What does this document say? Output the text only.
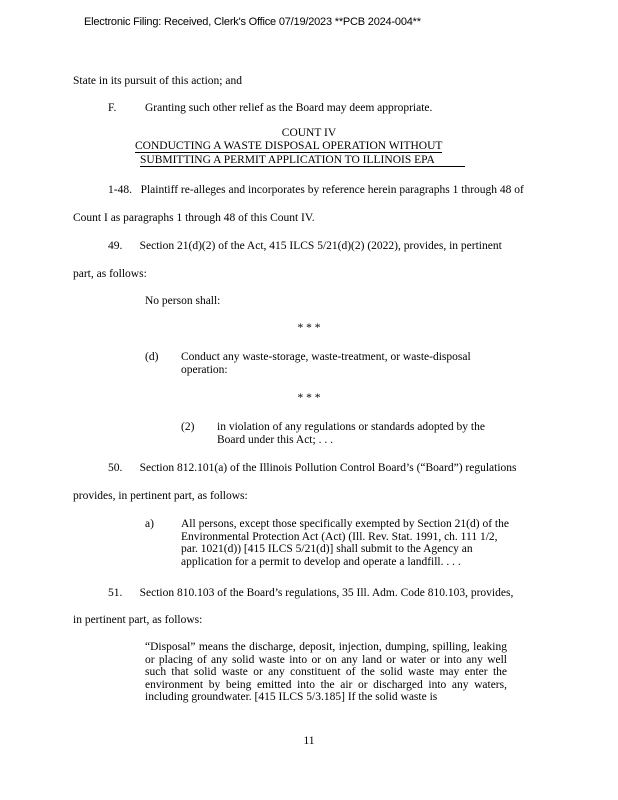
Electronic Filing: Received, Clerk's Office 07/19/2023 **PCB 2024-004**
State in its pursuit of this action; and
F. Granting such other relief as the Board may deem appropriate.
COUNT IV
CONDUCTING A WASTE DISPOSAL OPERATION WITHOUT
SUBMITTING A PERMIT APPLICATION TO ILLINOIS EPA
1-48.   Plaintiff re-alleges and incorporates by reference herein paragraphs 1 through 48 of
Count I as paragraphs 1 through 48 of this Count IV.
49.      Section 21(d)(2) of the Act, 415 ILCS 5/21(d)(2) (2022), provides, in pertinent
part, as follows:
No person shall:
* * *
(d) Conduct any waste-storage, waste-treatment, or waste-disposal operation:
* * *
(2) in violation of any regulations or standards adopted by the Board under this Act; . . .
50.      Section 812.101(a) of the Illinois Pollution Control Board’s (“Board”) regulations
provides, in pertinent part, as follows:
a) All persons, except those specifically exempted by Section 21(d) of the Environmental Protection Act (Act) (Ill. Rev. Stat. 1991, ch. 111 1/2, par. 1021(d)) [415 ILCS 5/21(d)] shall submit to the Agency an application for a permit to develop and operate a landfill. . . .
51.      Section 810.103 of the Board’s regulations, 35 Ill. Adm. Code 810.103, provides,
in pertinent part, as follows:
“Disposal” means the discharge, deposit, injection, dumping, spilling, leaking or placing of any solid waste into or on any land or water or into any well such that solid waste or any constituent of the solid waste may enter the environment by being emitted into the air or discharged into any waters, including groundwater. [415 ILCS 5/3.185] If the solid waste is
11
